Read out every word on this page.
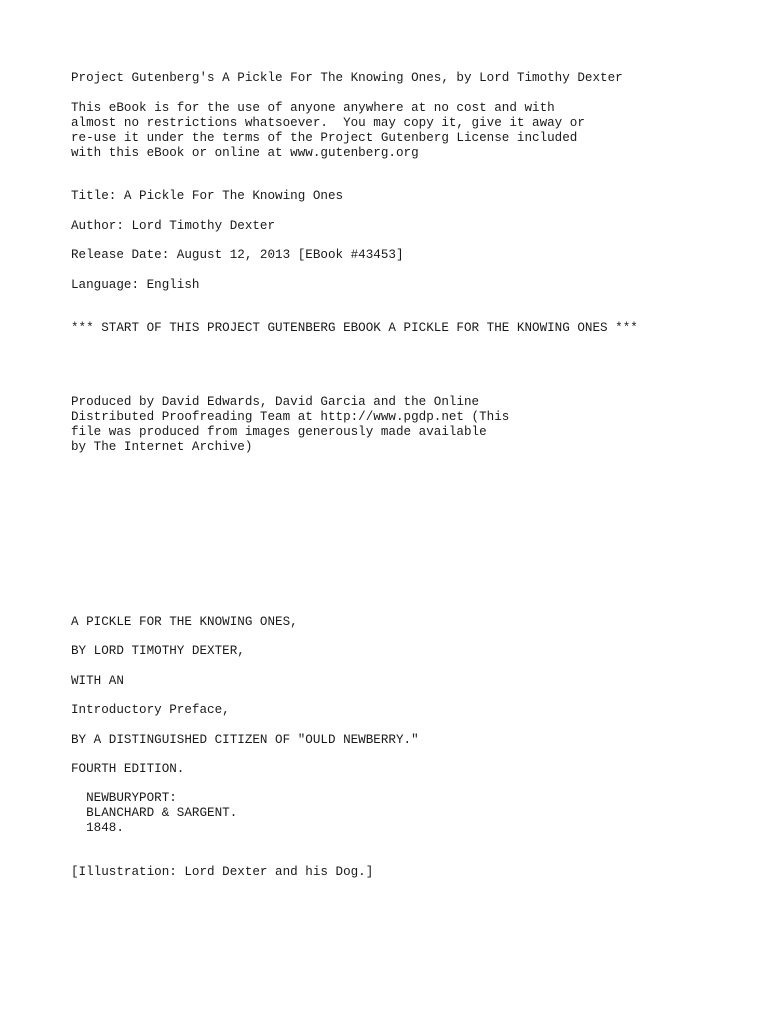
Project Gutenberg's A Pickle For The Knowing Ones, by Lord Timothy Dexter
This eBook is for the use of anyone anywhere at no cost and with
almost no restrictions whatsoever.  You may copy it, give it away or
re-use it under the terms of the Project Gutenberg License included
with this eBook or online at www.gutenberg.org
Title: A Pickle For The Knowing Ones
Author: Lord Timothy Dexter
Release Date: August 12, 2013 [EBook #43453]
Language: English
*** START OF THIS PROJECT GUTENBERG EBOOK A PICKLE FOR THE KNOWING ONES ***
Produced by David Edwards, David Garcia and the Online
Distributed Proofreading Team at http://www.pgdp.net (This
file was produced from images generously made available
by The Internet Archive)
A PICKLE FOR THE KNOWING ONES,
BY LORD TIMOTHY DEXTER,
WITH AN
Introductory Preface,
BY A DISTINGUISHED CITIZEN OF "OULD NEWBERRY."
FOURTH EDITION.
NEWBURYPORT:
BLANCHARD & SARGENT.
1848.
[Illustration: Lord Dexter and his Dog.]
